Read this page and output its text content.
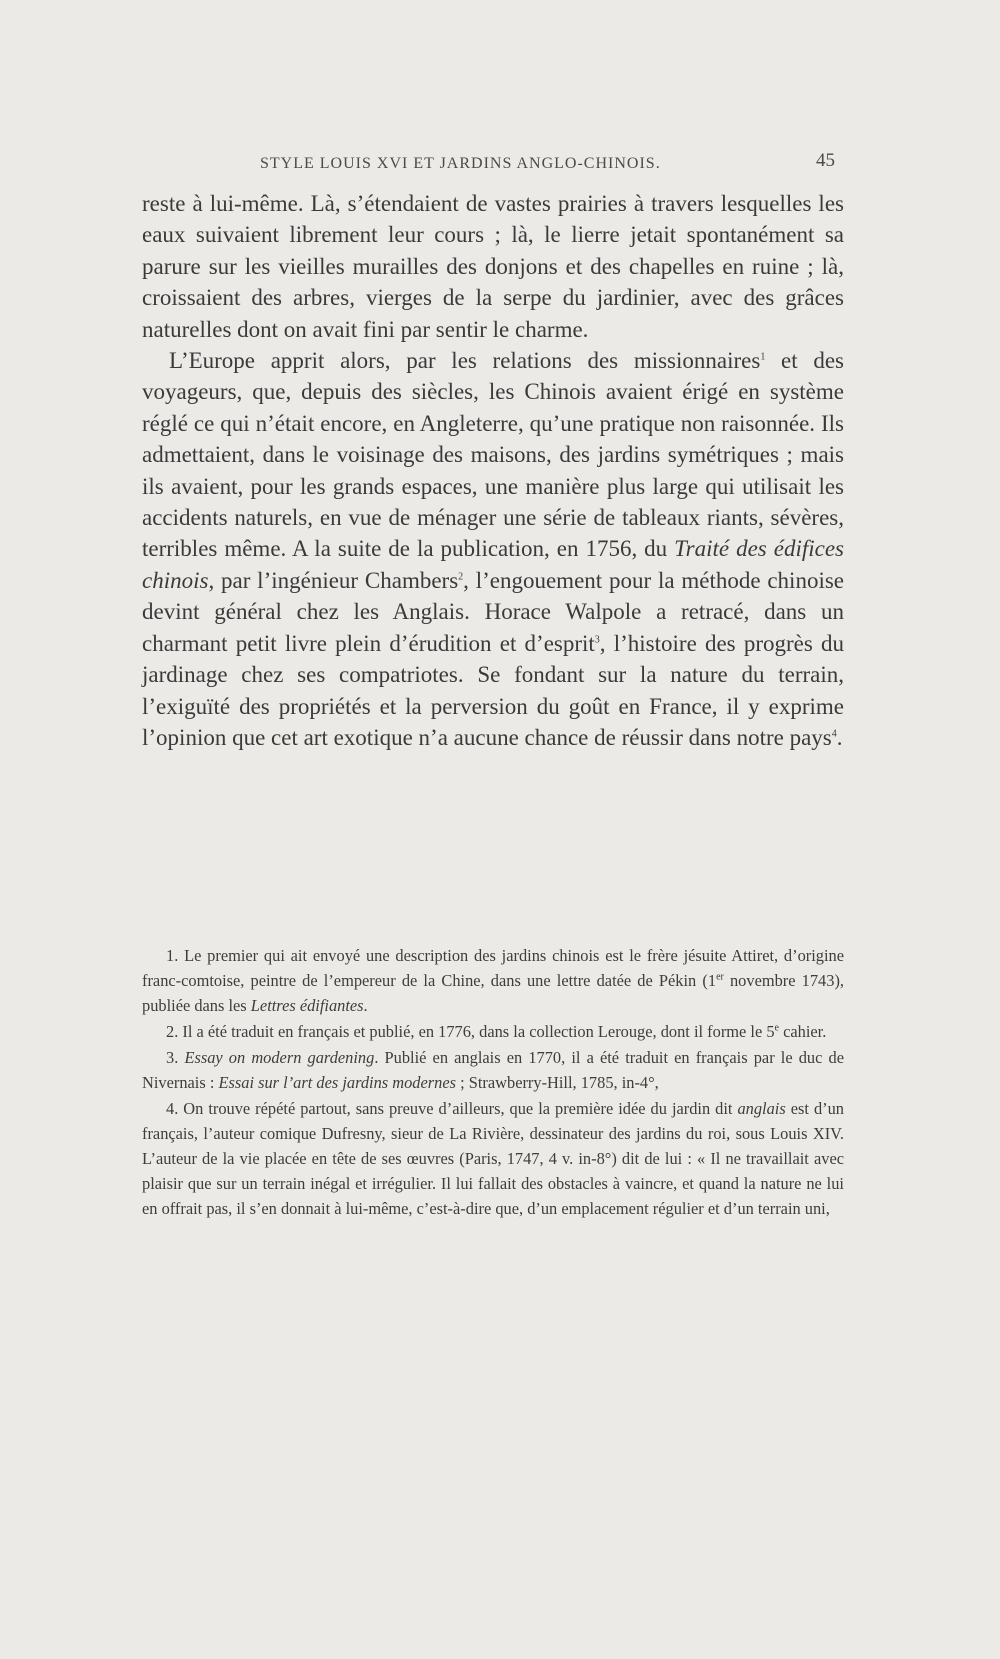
STYLE LOUIS XVI ET JARDINS ANGLO-CHINOIS.	45

reste à lui-même. Là, s’étendaient de vastes prairies à travers lesquelles les eaux suivaient librement leur cours ; là, le lierre jetait spontanément sa parure sur les vieilles murailles des donjons et des chapelles en ruine ; là, croissaient des arbres, vierges de la serpe du jardinier, avec des grâces naturelles dont on avait fini par sentir le charme.

L’Europe apprit alors, par les relations des missionnaires$^1$ et des voyageurs, que, depuis des siècles, les Chinois avaient érigé en système réglé ce qui n’était encore, en Angleterre, qu’une pratique non raisonnée. Ils admettaient, dans le voisinage des maisons, des jardins symétriques ; mais ils avaient, pour les grands espaces, une manière plus large qui utilisait les accidents naturels, en vue de ménager une série de tableaux riants, sévères, terribles même. A la suite de la publication, en 1756, du Traité des édifices chinois, par l’ingénieur Chambers$^2$, l’engouement pour la méthode chinoise devint général chez les Anglais. Horace Walpole a retracé, dans un charmant petit livre plein d’érudition et d’esprit$^3$, l’histoire des progrès du jardinage chez ses compatriotes. Se fondant sur la nature du terrain, l’exiguïté des propriétés et la perversion du goût en France, il y exprime l’opinion que cet art exotique n’a aucune chance de réussir dans notre pays$^4$.

1. Le premier qui ait envoyé une description des jardins chinois est le frère jésuite Attiret, d’origine franc-comtoise, peintre de l’empereur de la Chine, dans une lettre datée de Pékin (1er novembre 1743), publiée dans les Lettres édifiantes.

2. Il a été traduit en français et publié, en 1776, dans la collection Lerouge, dont il forme le 5e cahier.

3. Essay on modern gardening. Publié en anglais en 1770, il a été traduit en français par le duc de Nivernais : Essai sur l’art des jardins modernes ; Strawberry-Hill, 1785, in-4°,

4. On trouve répété partout, sans preuve d’ailleurs, que la première idée du jardin dit anglais est d’un français, l’auteur comique Dufresny, sieur de La Rivière, dessinateur des jardins du roi, sous Louis XIV. L’auteur de la vie placée en tête de ses œuvres (Paris, 1747, 4 v. in-8°) dit de lui : « Il ne travaillait avec plaisir que sur un terrain inégal et irrégulier. Il lui fallait des obstacles à vaincre, et quand la nature ne lui en offrait pas, il s’en donnait à lui-même, c’est-à-dire que, d’un emplacement régulier et d’un terrain uni,
